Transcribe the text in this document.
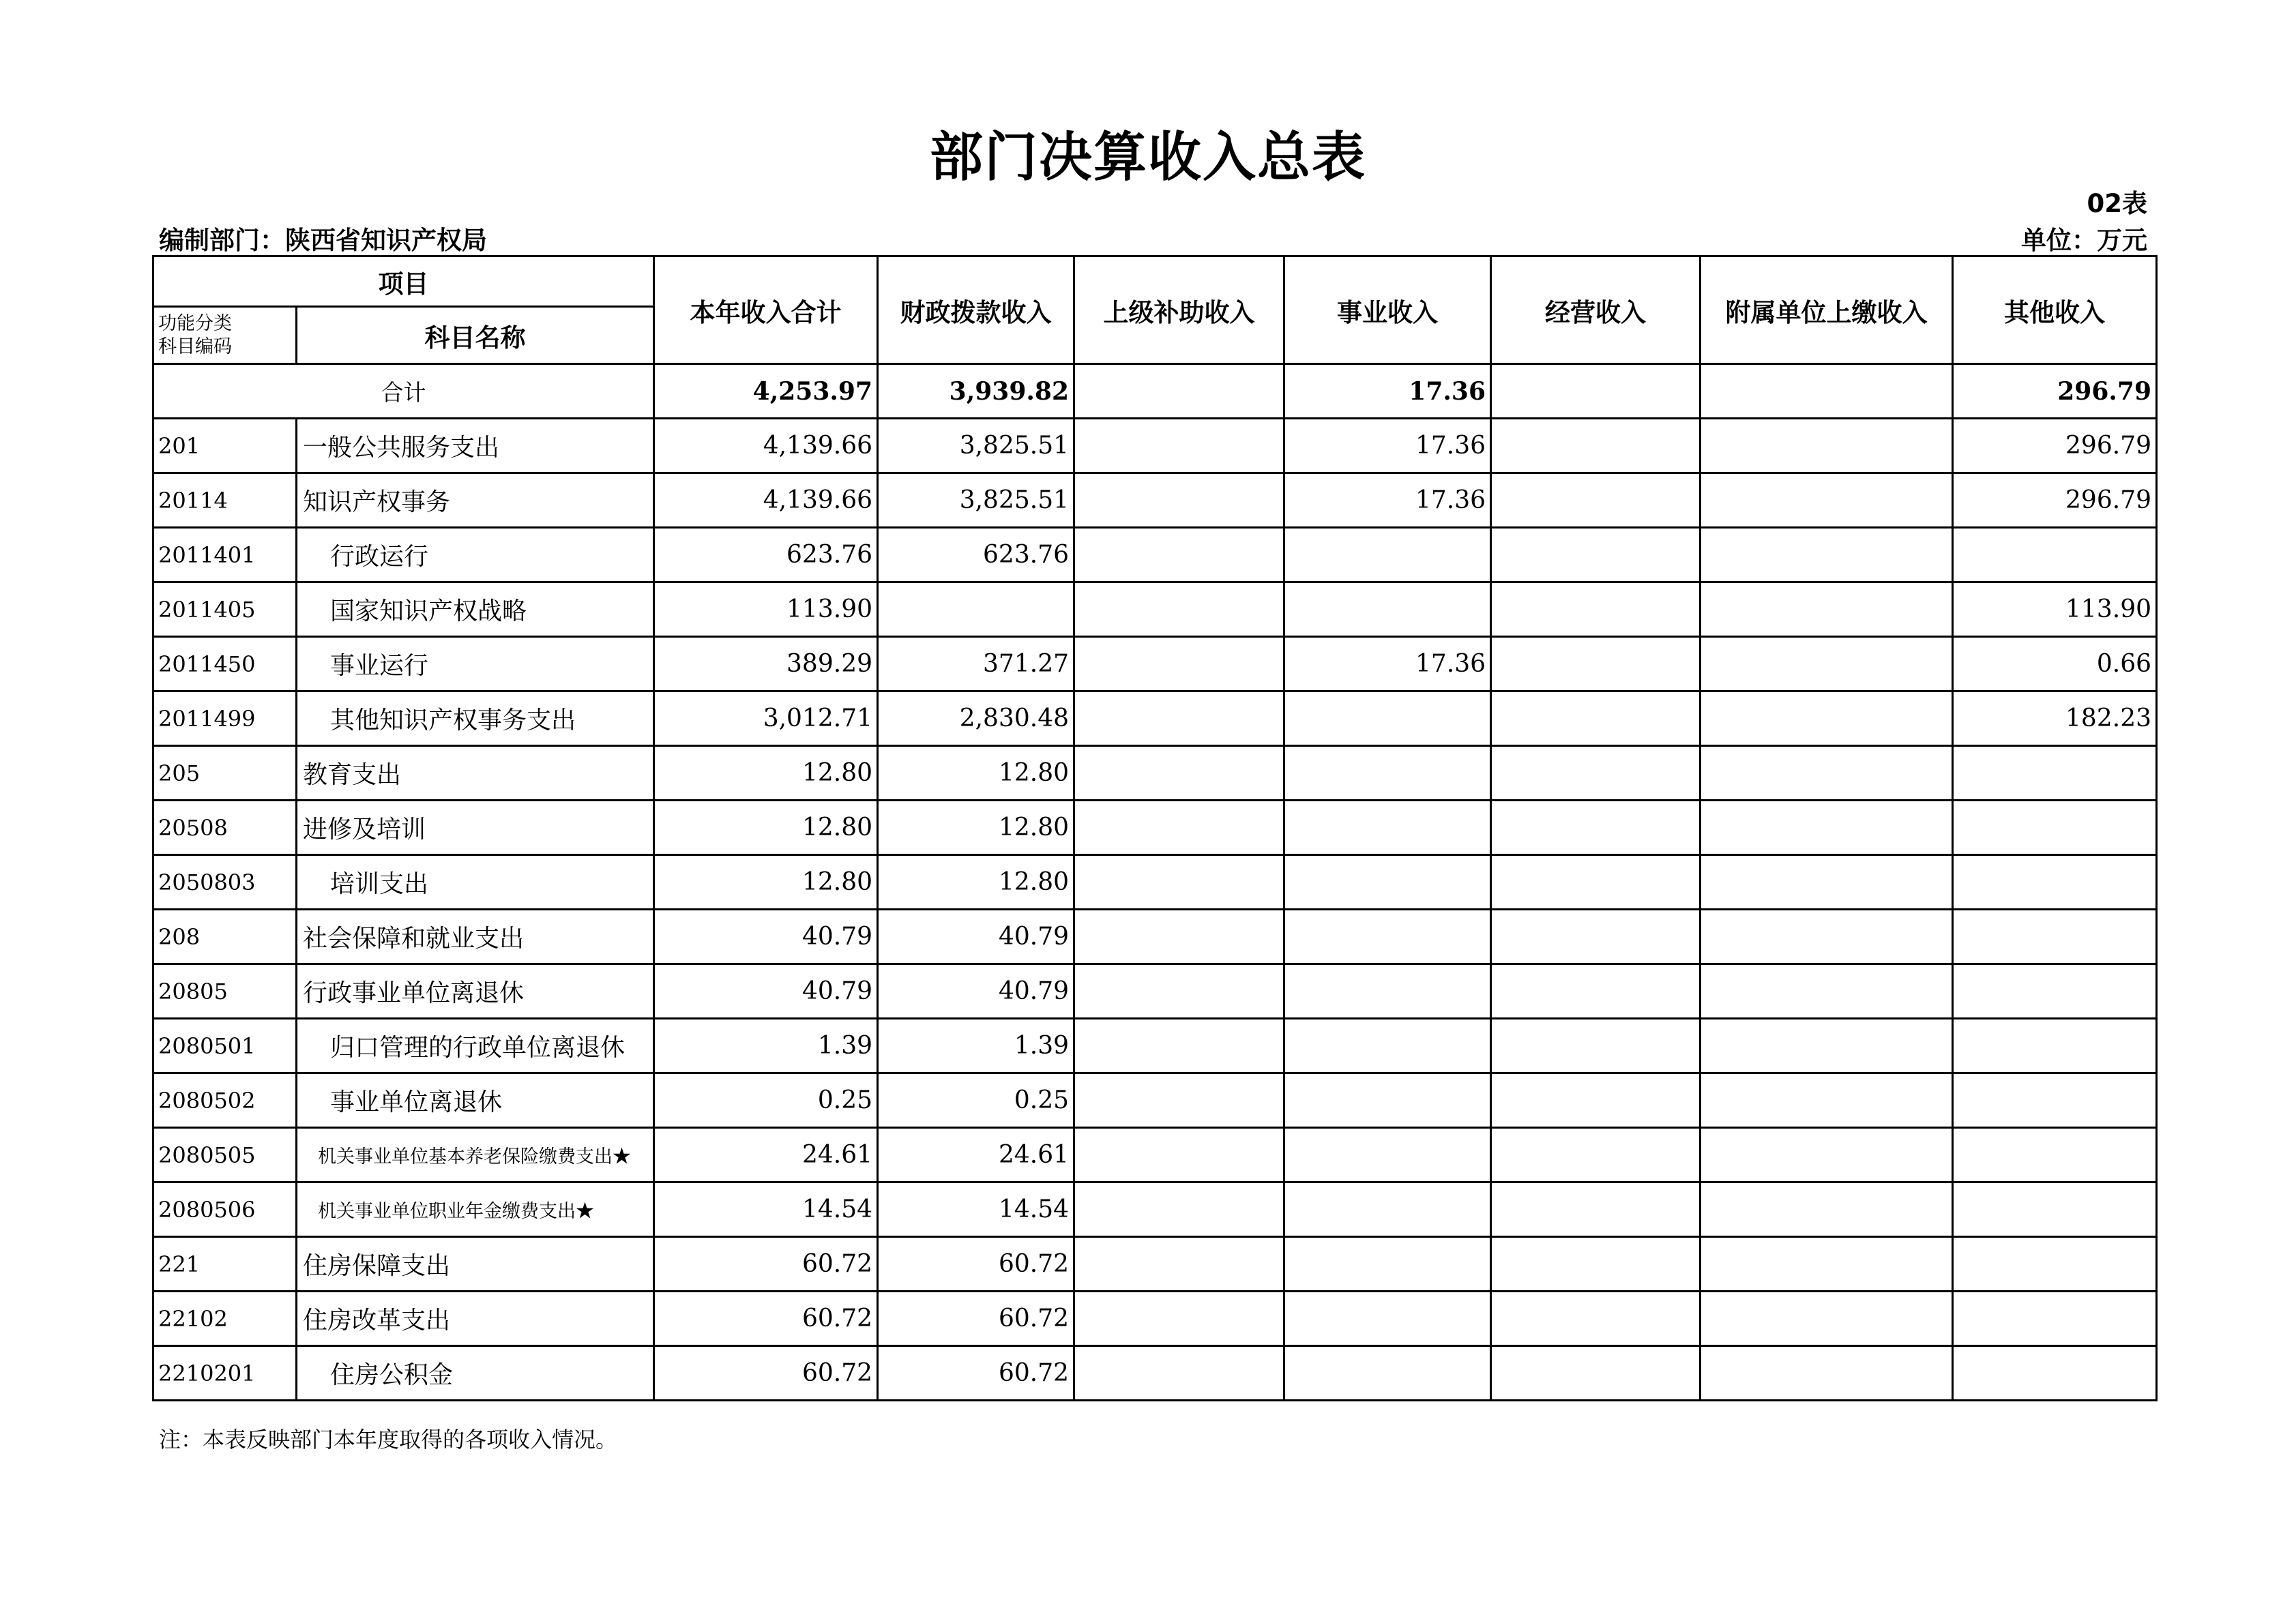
部门决算收入总表
02表
编制部门：陕西省知识产权局	单位：万元
项目		本年收入合计	财政拨款收入	上级补助收入	事业收入	经营收入	附属单位上缴收入	其他收入
功能分类
科目编码	科目名称							
合计		4,253.97	3,939.82		17.36			296.79
201	一般公共服务支出	4,139.66	3,825.51		17.36			296.79
20114	知识产权事务	4,139.66	3,825.51		17.36			296.79
2011401	行政运行	623.76	623.76					
2011405	国家知识产权战略	113.90						113.90
2011450	事业运行	389.29	371.27		17.36			0.66
2011499	其他知识产权事务支出	3,012.71	2,830.48					182.23
205	教育支出	12.80	12.80					
20508	进修及培训	12.80	12.80					
2050803	培训支出	12.80	12.80					
208	社会保障和就业支出	40.79	40.79					
20805	行政事业单位离退休	40.79	40.79					
2080501	归口管理的行政单位离退休	1.39	1.39					
2080502	事业单位离退休	0.25	0.25					
2080505	机关事业单位基本养老保险缴费支出★	24.61	24.61					
2080506	机关事业单位职业年金缴费支出★	14.54	14.54					
221	住房保障支出	60.72	60.72					
22102	住房改革支出	60.72	60.72					
2210201	住房公积金	60.72	60.72					
注：本表反映部门本年度取得的各项收入情况。
